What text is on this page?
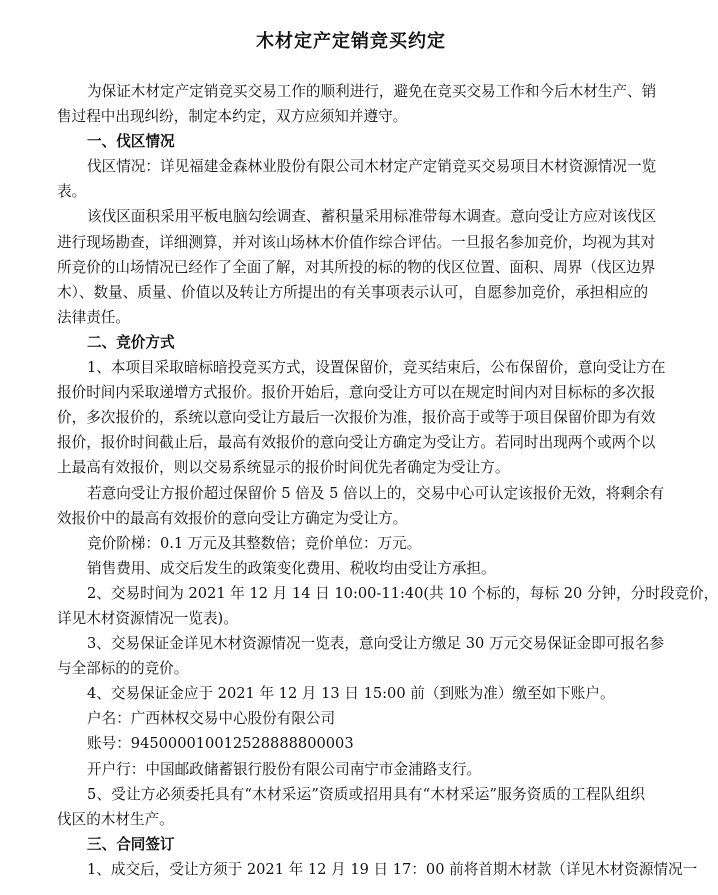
木材定产定销竞买约定
为保证木材定产定销竞买交易工作的顺利进行，避免在竞买交易工作和今后木材生产、销
售过程中出现纠纷，制定本约定，双方应须知并遵守。
一、伐区情况
伐区情况：详见福建金森林业股份有限公司木材定产定销竞买交易项目木材资源情况一览
表。
该伐区面积采用平板电脑勾绘调查、蓄积量采用标准带每木调查。意向受让方应对该伐区
进行现场勘查，详细测算，并对该山场林木价值作综合评估。一旦报名参加竞价，均视为其对
所竞价的山场情况已经作了全面了解，对其所投的标的物的伐区位置、面积、周界（伐区边界
木）、数量、质量、价值以及转让方所提出的有关事项表示认可，自愿参加竞价，承担相应的
法律责任。
二、竞价方式
1、本项目采取暗标暗投竞买方式，设置保留价，竞买结束后，公布保留价，意向受让方在
报价时间内采取递增方式报价。报价开始后，意向受让方可以在规定时间内对目标标的多次报
价，多次报价的，系统以意向受让方最后一次报价为准，报价高于或等于项目保留价即为有效
报价，报价时间截止后，最高有效报价的意向受让方确定为受让方。若同时出现两个或两个以
上最高有效报价，则以交易系统显示的报价时间优先者确定为受让方。
若意向受让方报价超过保留价 5 倍及 5 倍以上的，交易中心可认定该报价无效，将剩余有
效报价中的最高有效报价的意向受让方确定为受让方。
竞价阶梯：0.1 万元及其整数倍；竞价单位：万元。
销售费用、成交后发生的政策变化费用、税收均由受让方承担。
2、交易时间为 2021 年 12 月 14 日 10:00-11:40(共 10 个标的，每标 20 分钟，分时段竞价，
详见木材资源情况一览表)。
3、交易保证金详见木材资源情况一览表，意向受让方缴足 30 万元交易保证金即可报名参
与全部标的的竞价。
4、交易保证金应于 2021 年 12 月 13 日 15:00 前（到账为准）缴至如下账户。
户名：广西林权交易中心股份有限公司
账号：945000010012528888800003
开户行：中国邮政储蓄银行股份有限公司南宁市金浦路支行。
5、受让方必须委托具有“木材采运”资质或招用具有“木材采运”服务资质的工程队组织
伐区的木材生产。
三、合同签订
1、成交后，受让方须于 2021 年 12 月 19 日 17：00 前将首期木材款（详见木材资源情况一
